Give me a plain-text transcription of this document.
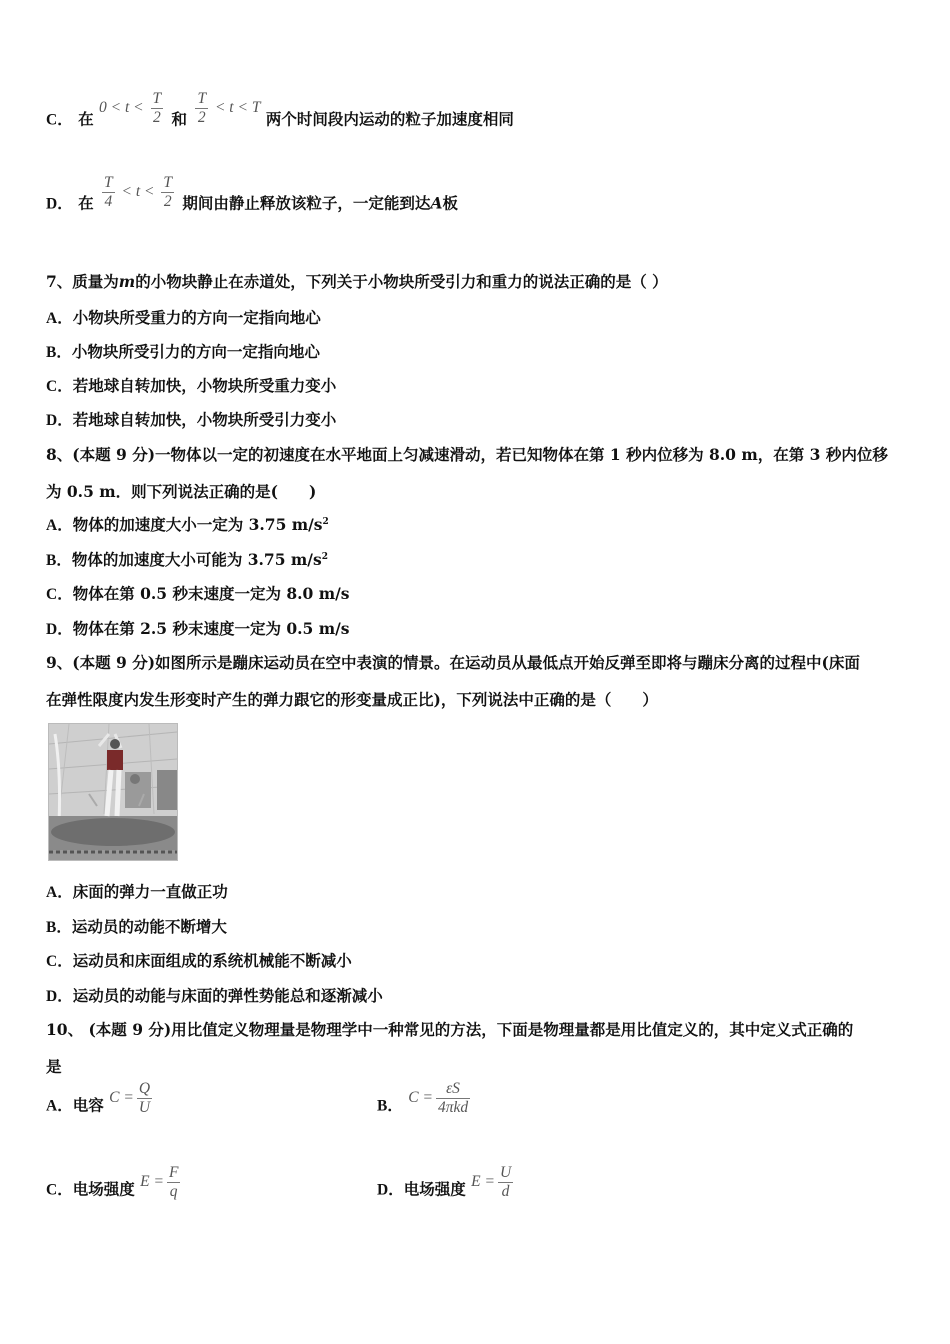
C． 在 $0 < t < \frac{T}{2}$ 和 $\frac{T}{2} < t < T$ 两个时间段内运动的粒子加速度相同
D． 在 $\frac{T}{4} < t < \frac{T}{2}$ 期间由静止释放该粒子，一定能到达A板
7、质量为m的小物块静止在赤道处，下列关于小物块所受引力和重力的说法正确的是（ ）
A．小物块所受重力的方向一定指向地心
B．小物块所受引力的方向一定指向地心
C．若地球自转加快，小物块所受重力变小
D．若地球自转加快，小物块所受引力变小
8、(本题 9 分)一物体以一定的初速度在水平地面上匀减速滑动，若已知物体在第 1 秒内位移为 8.0 m，在第 3 秒内位移
为 0.5 m．则下列说法正确的是(　　)
A．物体的加速度大小一定为 3.75 $m/s^2$
B．物体的加速度大小可能为 3.75 $m/s^2$
C．物体在第 0.5 秒末速度一定为 8.0 m/s
D．物体在第 2.5 秒末速度一定为 0.5 m/s
9、(本题 9 分)如图所示是蹦床运动员在空中表演的情景。在运动员从最低点开始反弹至即将与蹦床分离的过程中(床面
在弹性限度内发生形变时产生的弹力跟它的形变量成正比)，下列说法中正确的是（　　）
A．床面的弹力一直做正功
B．运动员的动能不断增大
C．运动员和床面组成的系统机械能不断减小
D．运动员的动能与床面的弹性势能总和逐渐减小
10、 (本题 9 分)用比值定义物理量是物理学中一种常见的方法，下面是物理量都是用比值定义的，其中定义式正确的
是
A．电容 $C = \frac{Q}{U}$	B． $C = \frac{\varepsilon S}{\text{4πkd}}$
C．电场强度 $E = \frac{F}{q}$	D．电场强度 $E = \frac{U}{d}$
